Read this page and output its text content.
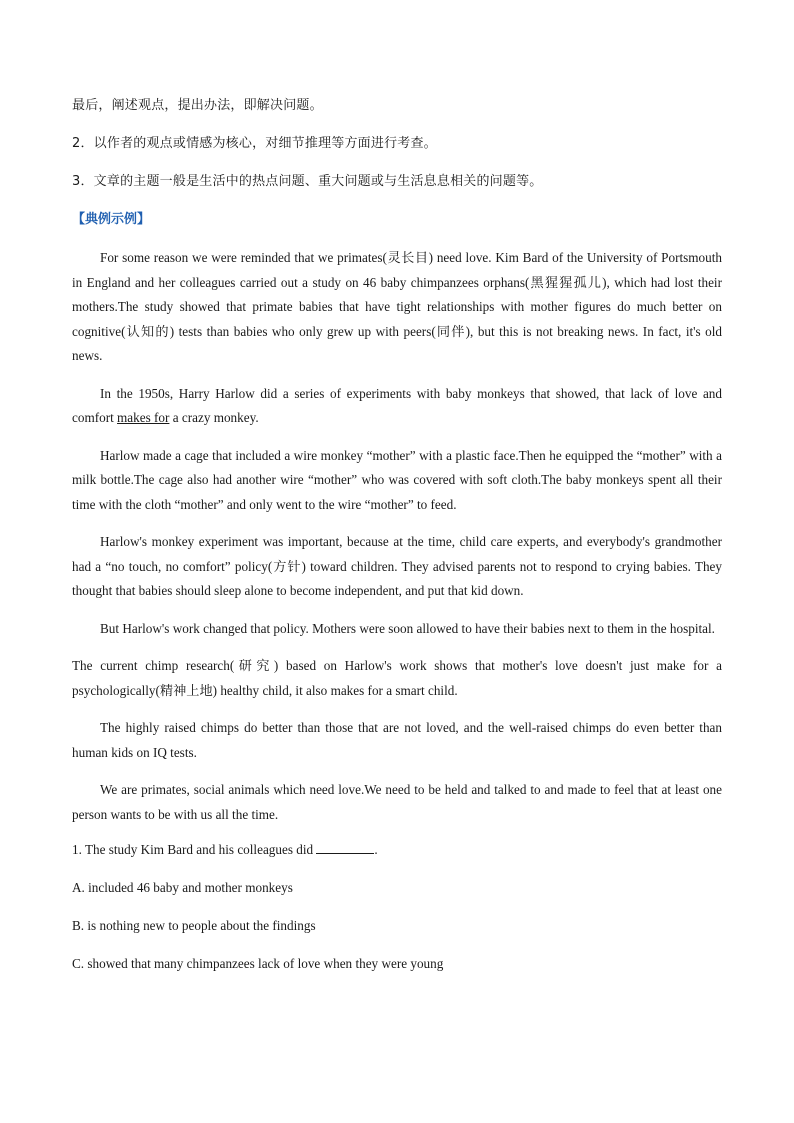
最后，阐述观点，提出办法，即解决问题。

2．以作者的观点或情感为核心，对细节推理等方面进行考查。

3．文章的主题一般是生活中的热点问题、重大问题或与生活息息相关的问题等。

【典例示例】

For some reason we were reminded that we primates(灵长目) need love. Kim Bard of the University of Portsmouth in England and her colleagues carried out a study on 46 baby chimpanzees orphans(黑猩猩孤儿), which had lost their mothers.The study showed that primate babies that have tight relationships with mother figures do much better on cognitive(认知的) tests than babies who only grew up with peers(同伴), but this is not breaking news. In fact, it's old news.

In the 1950s, Harry Harlow did a series of experiments with baby monkeys that showed, that lack of love and comfort makes for a crazy monkey.

Harlow made a cage that included a wire monkey “mother” with a plastic face.Then he equipped the “mother” with a milk bottle.The cage also had another wire “mother” who was covered with soft cloth.The baby monkeys spent all their time with the cloth “mother” and only went to the wire “mother” to feed.

Harlow's monkey experiment was important, because at the time, child care experts, and everybody's grandmother had a “no touch, no comfort” policy(方针) toward children. They advised parents not to respond to crying babies. They thought that babies should sleep alone to become independent, and put that kid down.

But Harlow's work changed that policy. Mothers were soon allowed to have their babies next to them in the hospital.

The current chimp research(研究) based on Harlow's work shows that mother's love doesn't just make for a psychologically(精神上地) healthy child, it also makes for a smart child.

The highly raised chimps do better than those that are not loved, and the well-raised chimps do even better than human kids on IQ tests.

We are primates, social animals which need love.We need to be held and talked to and made to feel that at least one person wants to be with us all the time.

1. The study Kim Bard and his colleagues did	.

A. included 46 baby and mother monkeys

B. is nothing new to people about the findings

C. showed that many chimpanzees lack of love when they were young
